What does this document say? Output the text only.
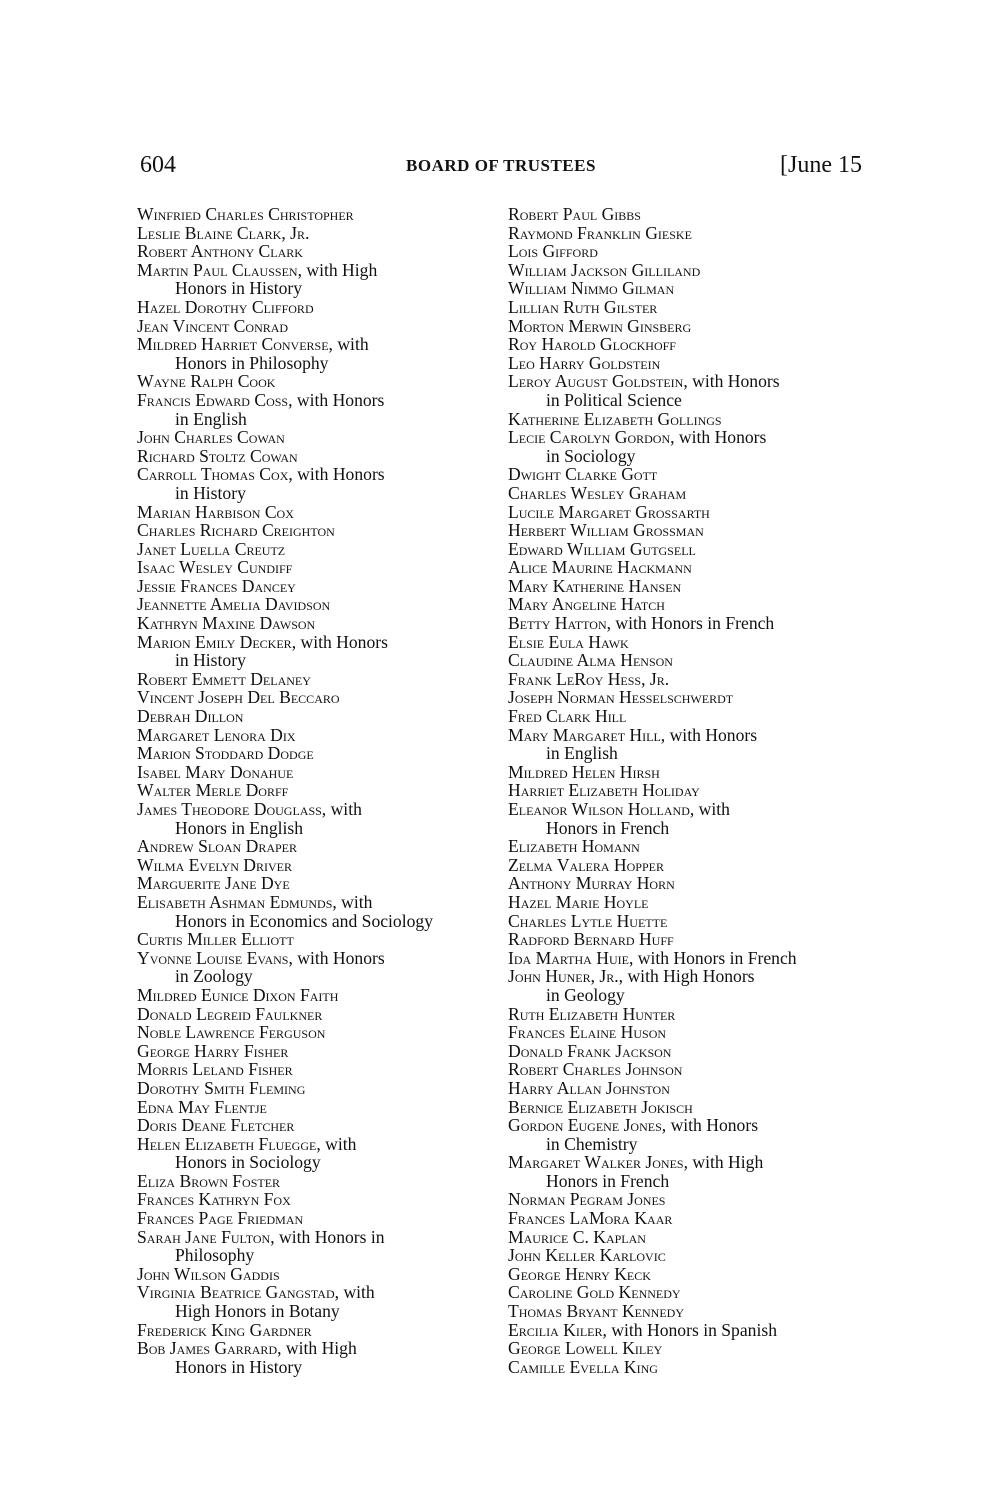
604	BOARD OF TRUSTEES	[June 15
Winfried Charles Christopher
Leslie Blaine Clark, Jr.
Robert Anthony Clark
Martin Paul Claussen, with High
Honors in History
Hazel Dorothy Clifford
Jean Vincent Conrad
Mildred Harriet Converse, with
Honors in Philosophy
Wayne Ralph Cook
Francis Edward Coss, with Honors
in English
John Charles Cowan
Richard Stoltz Cowan
Carroll Thomas Cox, with Honors
in History
Marian Harbison Cox
Charles Richard Creighton
Janet Luella Creutz
Isaac Wesley Cundiff
Jessie Frances Dancey
Jeannette Amelia Davidson
Kathryn Maxine Dawson
Marion Emily Decker, with Honors
in History
Robert Emmett Delaney
Vincent Joseph Del Beccaro
Debrah Dillon
Margaret Lenora Dix
Marion Stoddard Dodge
Isabel Mary Donahue
Walter Merle Dorff
James Theodore Douglass, with
Honors in English
Andrew Sloan Draper
Wilma Evelyn Driver
Marguerite Jane Dye
Elisabeth Ashman Edmunds, with
Honors in Economics and Sociology
Curtis Miller Elliott
Yvonne Louise Evans, with Honors
in Zoology
Mildred Eunice Dixon Faith
Donald Legreid Faulkner
Noble Lawrence Ferguson
George Harry Fisher
Morris Leland Fisher
Dorothy Smith Fleming
Edna May Flentje
Doris Deane Fletcher
Helen Elizabeth Fluegge, with
Honors in Sociology
Eliza Brown Foster
Frances Kathryn Fox
Frances Page Friedman
Sarah Jane Fulton, with Honors in
Philosophy
John Wilson Gaddis
Virginia Beatrice Gangstad, with
High Honors in Botany
Frederick King Gardner
Bob James Garrard, with High
Honors in History
Robert Paul Gibbs
Raymond Franklin Gieske
Lois Gifford
William Jackson Gilliland
William Nimmo Gilman
Lillian Ruth Gilster
Morton Merwin Ginsberg
Roy Harold Glockhoff
Leo Harry Goldstein
Leroy August Goldstein, with Honors
in Political Science
Katherine Elizabeth Gollings
Lecie Carolyn Gordon, with Honors
in Sociology
Dwight Clarke Gott
Charles Wesley Graham
Lucile Margaret Grossarth
Herbert William Grossman
Edward William Gutgsell
Alice Maurine Hackmann
Mary Katherine Hansen
Mary Angeline Hatch
Betty Hatton, with Honors in French
Elsie Eula Hawk
Claudine Alma Henson
Frank LeRoy Hess, Jr.
Joseph Norman Hesselschwerdt
Fred Clark Hill
Mary Margaret Hill, with Honors
in English
Mildred Helen Hirsh
Harriet Elizabeth Holiday
Eleanor Wilson Holland, with
Honors in French
Elizabeth Homann
Zelma Valera Hopper
Anthony Murray Horn
Hazel Marie Hoyle
Charles Lytle Huette
Radford Bernard Huff
Ida Martha Huie, with Honors in French
John Huner, Jr., with High Honors
in Geology
Ruth Elizabeth Hunter
Frances Elaine Huson
Donald Frank Jackson
Robert Charles Johnson
Harry Allan Johnston
Bernice Elizabeth Jokisch
Gordon Eugene Jones, with Honors
in Chemistry
Margaret Walker Jones, with High
Honors in French
Norman Pegram Jones
Frances LaMora Kaar
Maurice C. Kaplan
John Keller Karlovic
George Henry Keck
Caroline Gold Kennedy
Thomas Bryant Kennedy
Ercilia Kiler, with Honors in Spanish
George Lowell Kiley
Camille Evella King
